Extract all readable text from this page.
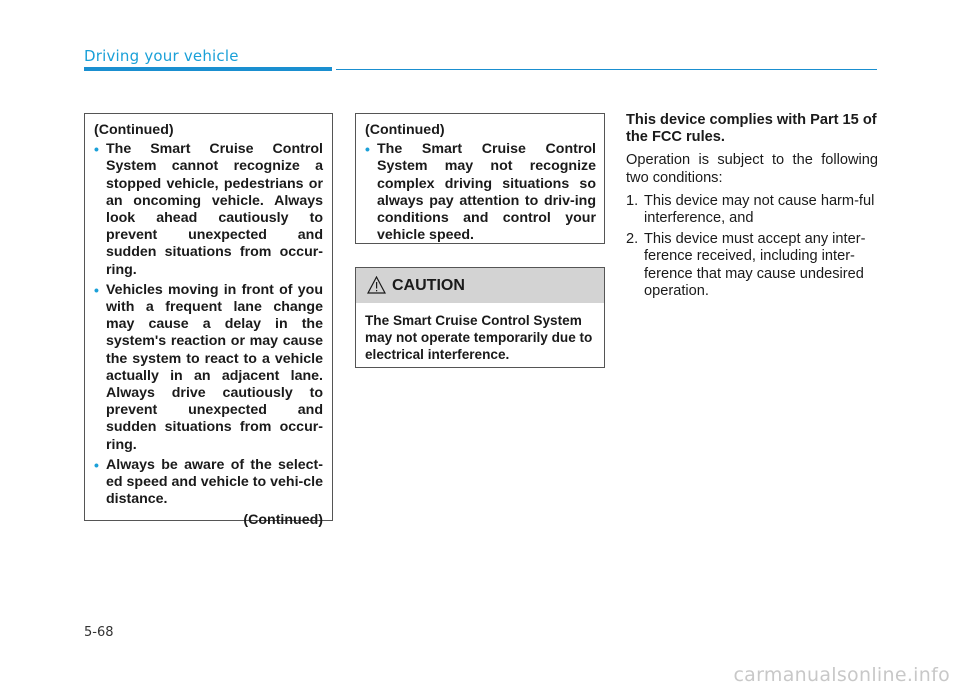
Driving your vehicle
(Continued)
• The Smart Cruise Control System cannot recognize a stopped vehicle, pedestrians or an oncoming vehicle. Always look ahead cautiously to prevent unexpected and sudden situations from occur-ring.
• Vehicles moving in front of you with a frequent lane change may cause a delay in the system's reaction or may cause the system to react to a vehicle actually in an adjacent lane. Always drive cautiously to prevent unexpected and sudden situations from occur-ring.
• Always be aware of the select-ed speed and vehicle to vehi-cle distance.
(Continued)
(Continued)
• The Smart Cruise Control System may not recognize complex driving situations so always pay attention to driv-ing conditions and control your vehicle speed.
CAUTION
The Smart Cruise Control System may not operate temporarily due to electrical interference.

This device complies with Part 15 of the FCC rules.

Operation is subject to the following two conditions:

1. This device may not cause harm-ful interference, and
2. This device must accept any inter-ference received, including inter-ference that may cause undesired operation.
5-68
carmanualsonline.info
